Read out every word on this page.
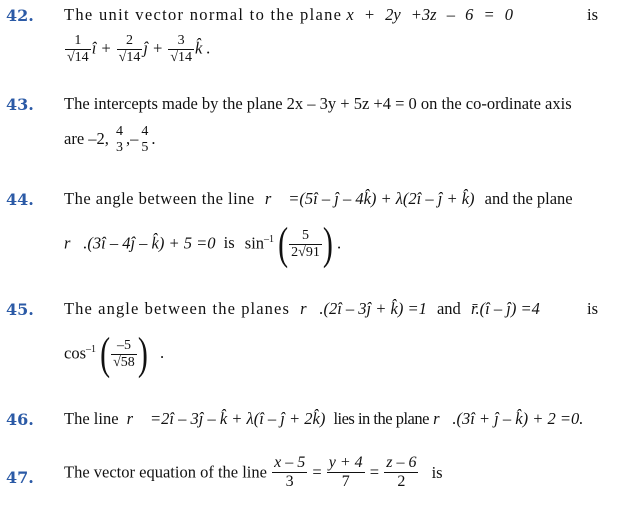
42. The unit vector normal to the plane x + 2y +3z – 6 = 0	is
$\frac{1}{√14}$ î + $\frac{2}{√14}$ ĵ + $\frac{3}{√14}$ k̂ .
43. The intercepts made by the plane 2x – 3y + 5z +4 = 0 on the co-ordinate axis
are –2, 4
3 ,– 4
5 .
44. The angle between the line r⃗ =(5î – ĵ – 4k̂) + λ(2î – ĵ + k̂) and the plane
r⃗.(3î – 4ĵ – k̂) + 5 =0 is $\sin^{-1}$ ( $\frac{5}{2√91}$ ) .
45. The angle between the planes r⃗.(2î – 3ĵ + k̂) =1 and r̄.(î – ĵ) =4	is
$\cos^{-1}$ ( $\frac{-5}{√58}$ ) .
46. The line r⃗ =2î – 3ĵ – k̂ + λ(î – ĵ + 2k̂) lies in the plane r⃗.(3î + ĵ – k̂) + 2 =0.
47. The vector equation of the line $\frac{x - 5}{3} = \frac{y + 4}{7} = \frac{z - 6}{2}$ is
